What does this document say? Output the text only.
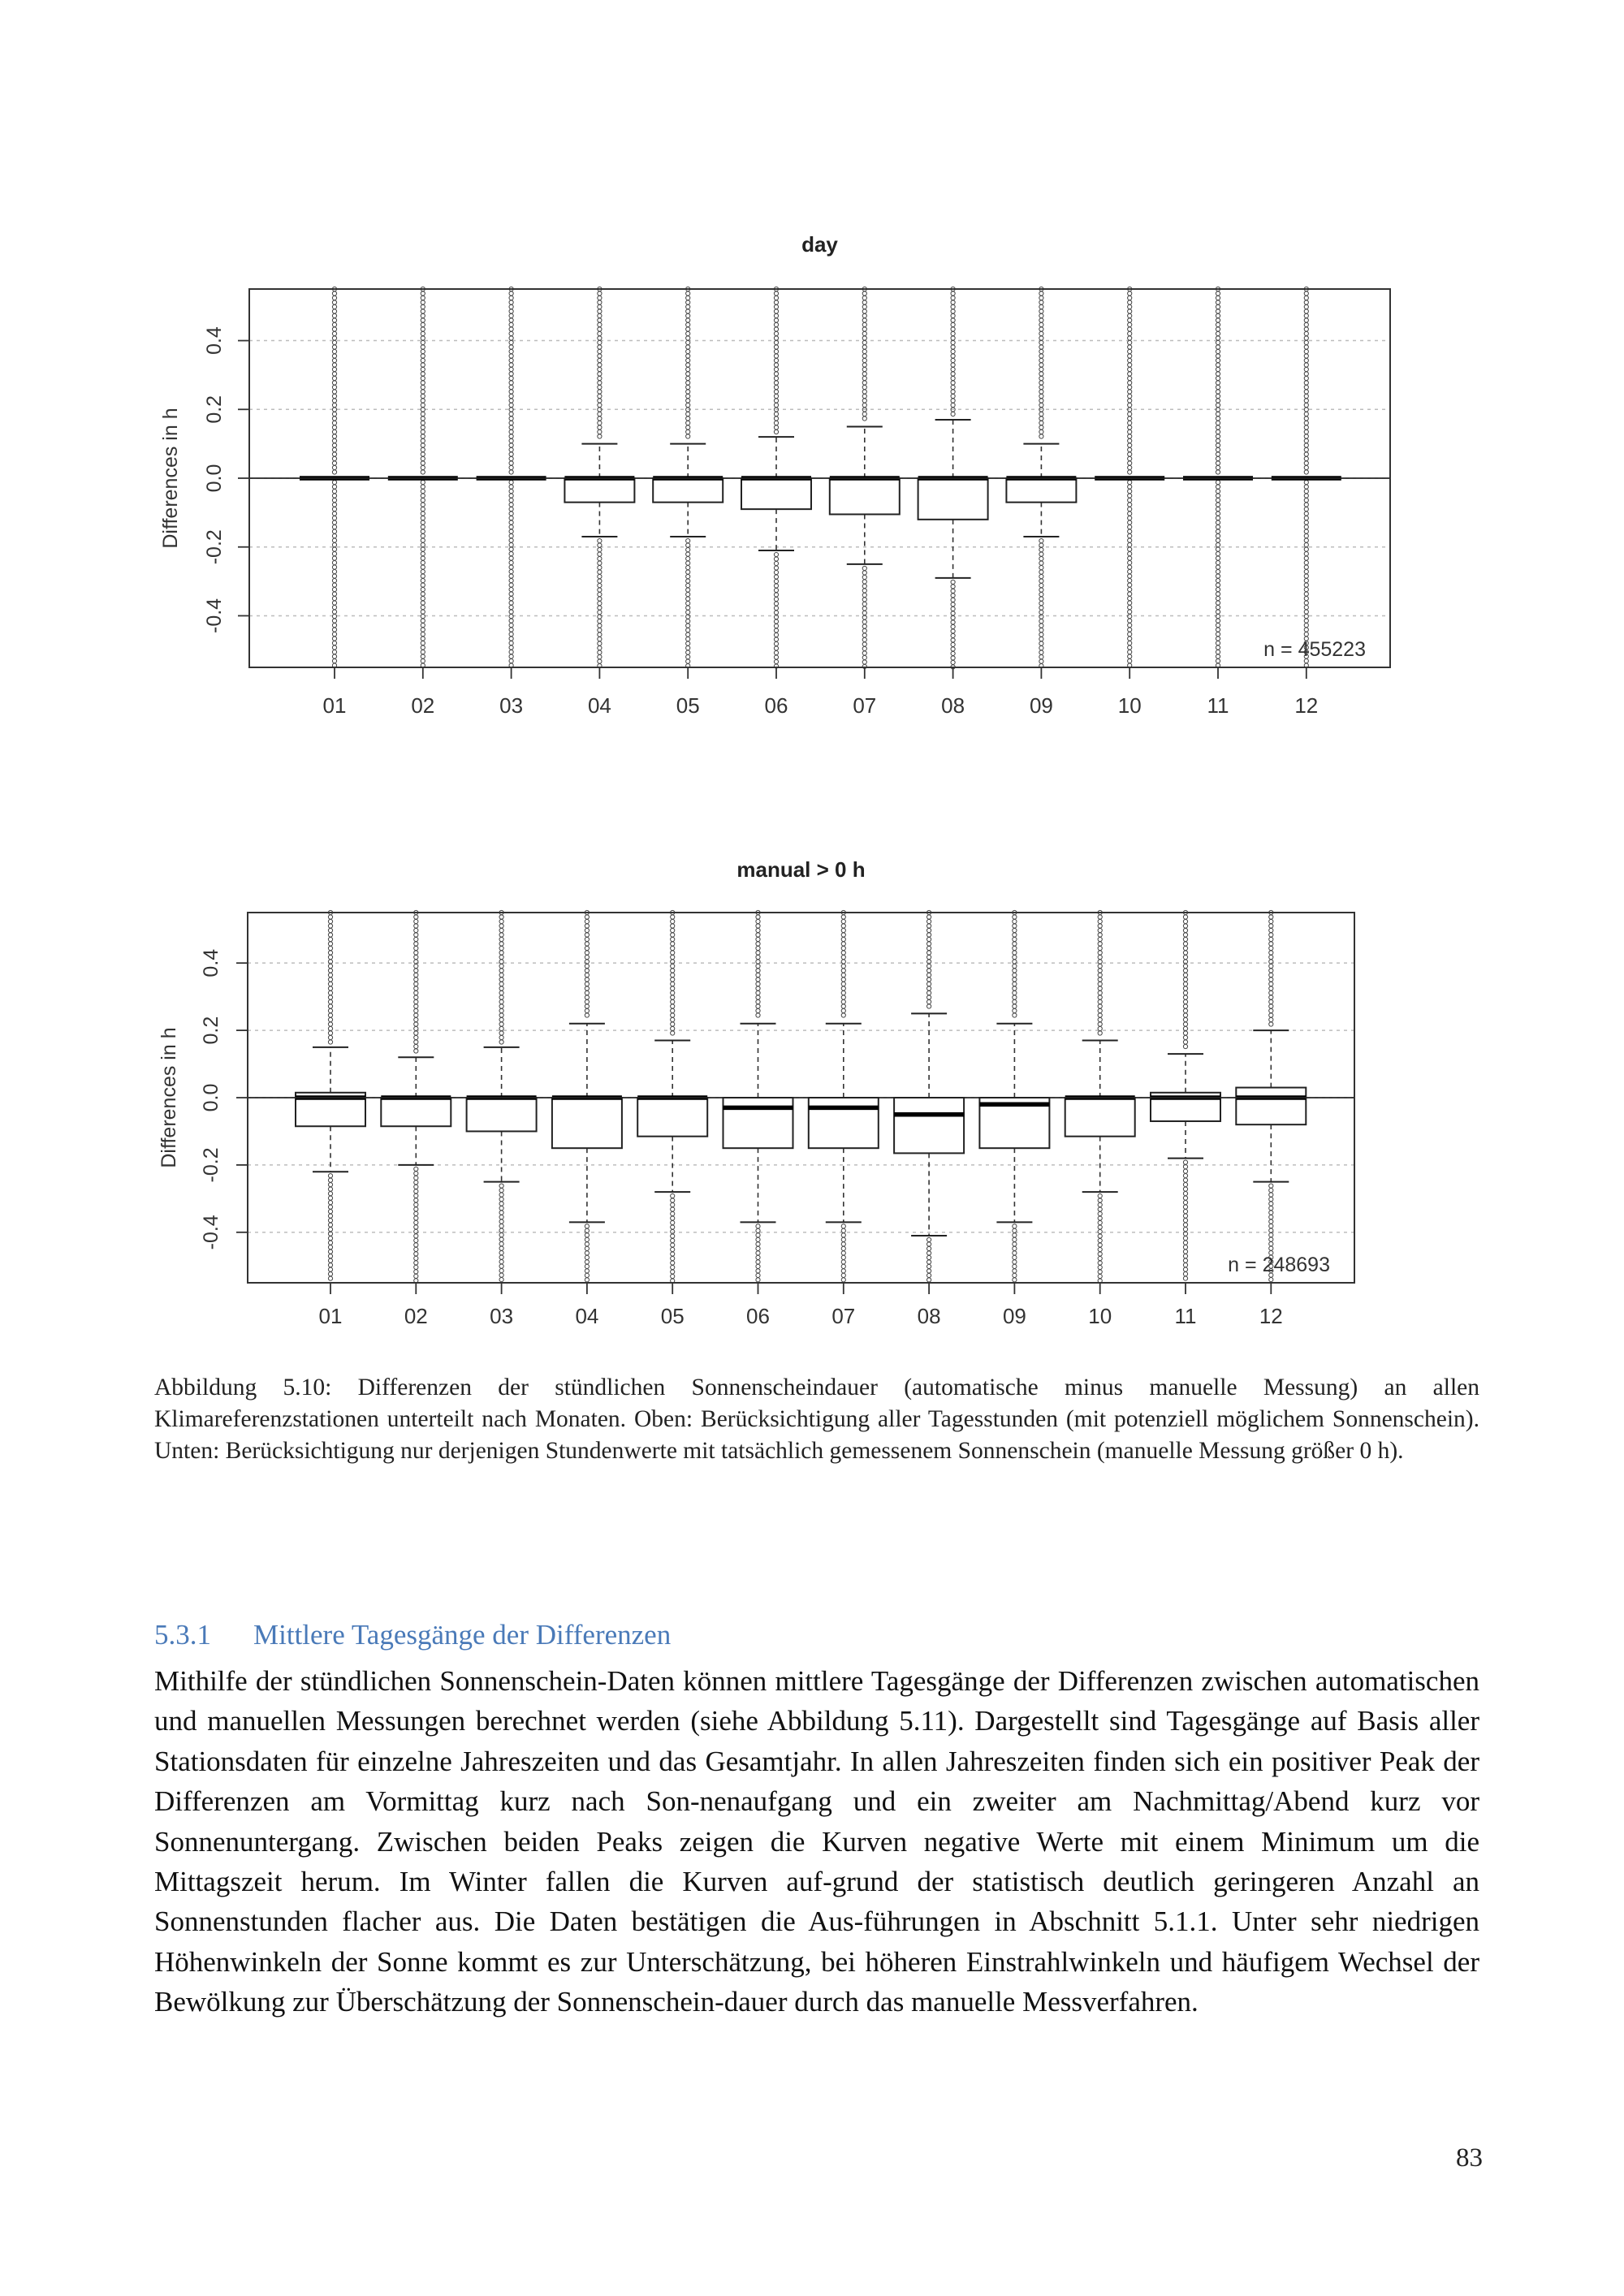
day
Differences in h
-0.4
-0.2
0.0
0.2
0.4
01	02	03	04	05	06	07	08	09	10	11	12
n = 455223
manual > 0 h
Differences in h
-0.4
-0.2
0.0
0.2
0.4
01	02	03	04	05	06	07	08	09	10	11	12
n = 248693

Abbildung 5.10: Differenzen der stündlichen Sonnenscheindauer (automatische minus manuelle Messung) an allen Klimareferenzstationen unterteilt nach Monaten. Oben: Berücksichtigung aller Tagesstunden (mit potenziell möglichem Sonnenschein). Unten: Berücksichtigung nur derjenigen Stundenwerte mit tatsächlich gemessenem Sonnenschein (manuelle Messung größer 0 h).

5.3.1 Mittlere Tagesgänge der Differenzen

Mithilfe der stündlichen Sonnenschein-Daten können mittlere Tagesgänge der Differenzen zwischen automatischen und manuellen Messungen berechnet werden (siehe Abbildung 5.11). Dargestellt sind Tagesgänge auf Basis aller Stationsdaten für einzelne Jahreszeiten und das Gesamtjahr. In allen Jahreszeiten finden sich ein positiver Peak der Differenzen am Vormittag kurz nach Son-nenaufgang und ein zweiter am Nachmittag/Abend kurz vor Sonnenuntergang. Zwischen beiden Peaks zeigen die Kurven negative Werte mit einem Minimum um die Mittagszeit herum. Im Winter fallen die Kurven auf-grund der statistisch deutlich geringeren Anzahl an Sonnenstunden flacher aus. Die Daten bestätigen die Aus-führungen in Abschnitt 5.1.1. Unter sehr niedrigen Höhenwinkeln der Sonne kommt es zur Unterschätzung, bei höheren Einstrahlwinkeln und häufigem Wechsel der Bewölkung zur Überschätzung der Sonnenschein-dauer durch das manuelle Messverfahren.

83
